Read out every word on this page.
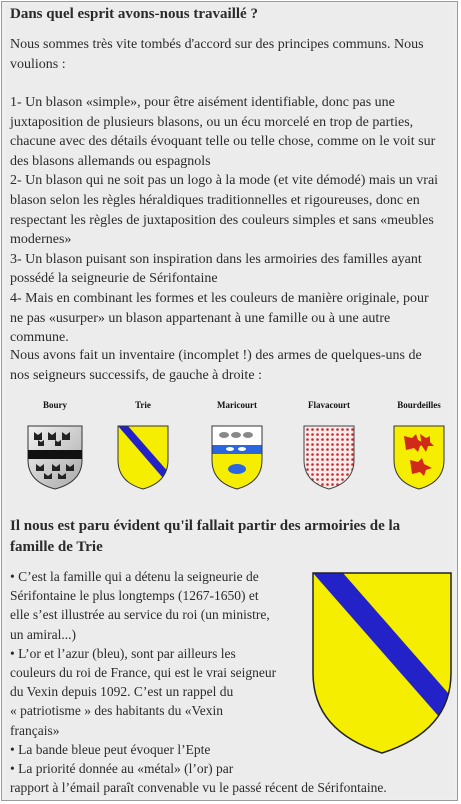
Dans quel esprit avons-nous travaillé ?
Nous sommes très vite tombés d'accord sur des principes communs. Nous
voulions :
1- Un blason «simple», pour être aisément identifiable, donc pas une
juxtaposition de plusieurs blasons, ou un écu morcelé en trop de parties,
chacune avec des détails évoquant telle ou telle chose, comme on le voit sur
des blasons allemands ou espagnols
2- Un blason qui ne soit pas un logo à la mode (et vite démodé) mais un vrai
blason selon les règles héraldiques traditionnelles et rigoureuses, donc en
respectant les règles de juxtaposition des couleurs simples et sans «meubles
modernes»
3- Un blason puisant son inspiration dans les armoiries des familles ayant
possédé la seigneurie de Sérifontaine
4- Mais en combinant les formes et les couleurs de manière originale, pour
ne pas «usurper» un blason appartenant à une famille ou à une autre
commune.
Nous avons fait un inventaire (incomplet !) des armes de quelques-uns de
nos seigneurs successifs, de gauche à droite :
Boury	Trie	Maricourt	Flavacourt	Bourdeilles
Il nous est paru évident qu'il fallait partir des armoiries de la
famille de Trie
• C’est la famille qui a détenu la seigneurie de
Sérifontaine le plus longtemps (1267-1650) et
elle s’est illustrée au service du roi (un ministre,
un amiral...)
• L’or et l’azur (bleu), sont par ailleurs les
couleurs du roi de France, qui est le vrai seigneur
du Vexin depuis 1092. C’est un rappel du
« patriotisme » des habitants du «Vexin
français»
• La bande bleue peut évoquer l’Epte
• La priorité donnée au «métal» (l’or) par
rapport à l’émail paraît convenable vu le passé récent de Sérifontaine.
